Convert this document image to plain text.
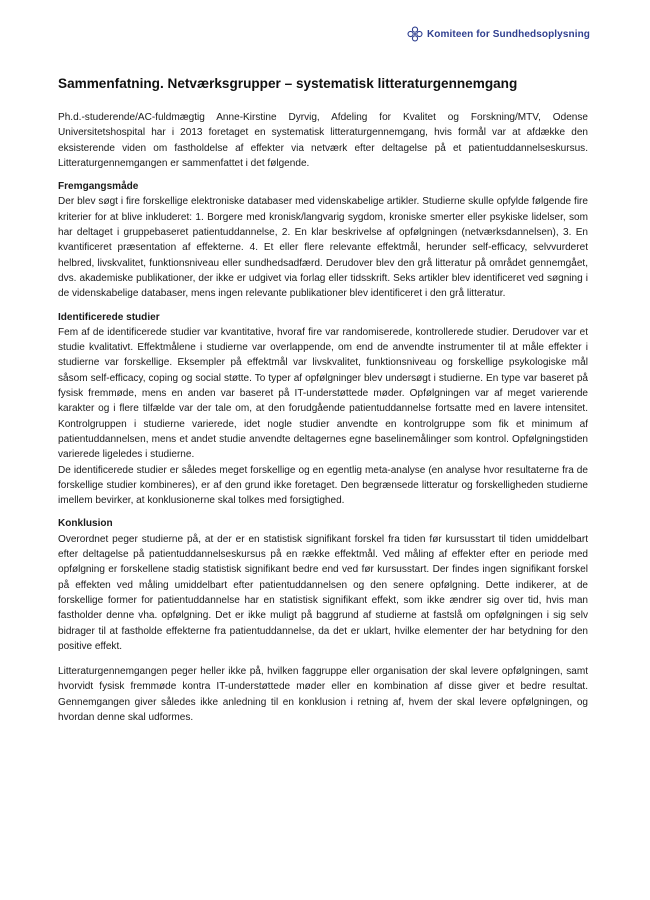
Komiteen for Sundhedsoplysning
Sammenfatning. Netværksgrupper – systematisk litteraturgennemgang

Ph.d.-studerende/AC-fuldmægtig Anne-Kirstine Dyrvig, Afdeling for Kvalitet og Forskning/MTV, Odense Universitetshospital har i 2013 foretaget en systematisk litteraturgennemgang, hvis formål var at afdække den eksisterende viden om fastholdelse af effekter via netværk efter deltagelse på et patientuddannelseskursus. Litteraturgennemgangen er sammenfattet i det følgende.

Fremgangsmåde

Der blev søgt i fire forskellige elektroniske databaser med videnskabelige artikler. Studierne skulle opfylde følgende fire kriterier for at blive inkluderet: 1. Borgere med kronisk/langvarig sygdom, kroniske smerter eller psykiske lidelser, som har deltaget i gruppebaseret patientuddannelse, 2. En klar beskrivelse af opfølgningen (netværksdannelsen), 3. En kvantificeret præsentation af effekterne. 4. Et eller flere relevante effektmål, herunder self-efficacy, selvvurderet helbred, livskvalitet, funktionsniveau eller sundhedsadfærd. Derudover blev den grå litteratur på området gennemgået, dvs. akademiske publikationer, der ikke er udgivet via forlag eller tidsskrift. Seks artikler blev identificeret ved søgning i de videnskabelige databaser, mens ingen relevante publikationer blev identificeret i den grå litteratur.

Identificerede studier

Fem af de identificerede studier var kvantitative, hvoraf fire var randomiserede, kontrollerede studier. Derudover var et studie kvalitativt. Effektmålene i studierne var overlappende, om end de anvendte instrumenter til at måle effekter i studierne var forskellige. Eksempler på effektmål var livskvalitet, funktionsniveau og forskellige psykologiske mål såsom self-efficacy, coping og social støtte. To typer af opfølgninger blev undersøgt i studierne. En type var baseret på fysisk fremmøde, mens en anden var baseret på IT-understøttede møder. Opfølgningen var af meget varierende karakter og i flere tilfælde var der tale om, at den forudgående patientuddannelse fortsatte med en lavere intensitet. Kontrolgruppen i studierne varierede, idet nogle studier anvendte en kontrolgruppe som fik et minimum af patientuddannelsen, mens et andet studie anvendte deltagernes egne baselinemålinger som kontrol. Opfølgningstiden varierede ligeledes i studierne.

De identificerede studier er således meget forskellige og en egentlig meta-analyse (en analyse hvor resultaterne fra de forskellige studier kombineres), er af den grund ikke foretaget. Den begrænsede litteratur og forskelligheden studierne imellem bevirker, at konklusionerne skal tolkes med forsigtighed.

Konklusion

Overordnet peger studierne på, at der er en statistisk signifikant forskel fra tiden før kursusstart til tiden umiddelbart efter deltagelse på patientuddannelseskursus på en række effektmål. Ved måling af effekter efter en periode med opfølgning er forskellene stadig statistisk signifikant bedre end ved før kursusstart. Der findes ingen signifikant forskel på effekten ved måling umiddelbart efter patientuddannelsen og den senere opfølgning. Dette indikerer, at de forskellige former for patientuddannelse har en statistisk signifikant effekt, som ikke ændrer sig over tid, hvis man fastholder denne vha. opfølgning. Det er ikke muligt på baggrund af studierne at fastslå om opfølgningen i sig selv bidrager til at fastholde effekterne fra patientuddannelse, da det er uklart, hvilke elementer der har betydning for den positive effekt.

Litteraturgennemgangen peger heller ikke på, hvilken faggruppe eller organisation der skal levere opfølgningen, samt hvorvidt fysisk fremmøde kontra IT-understøttede møder eller en kombination af disse giver et bedre resultat. Gennemgangen giver således ikke anledning til en konklusion i retning af, hvem der skal levere opfølgningen, og hvordan denne skal udformes.
